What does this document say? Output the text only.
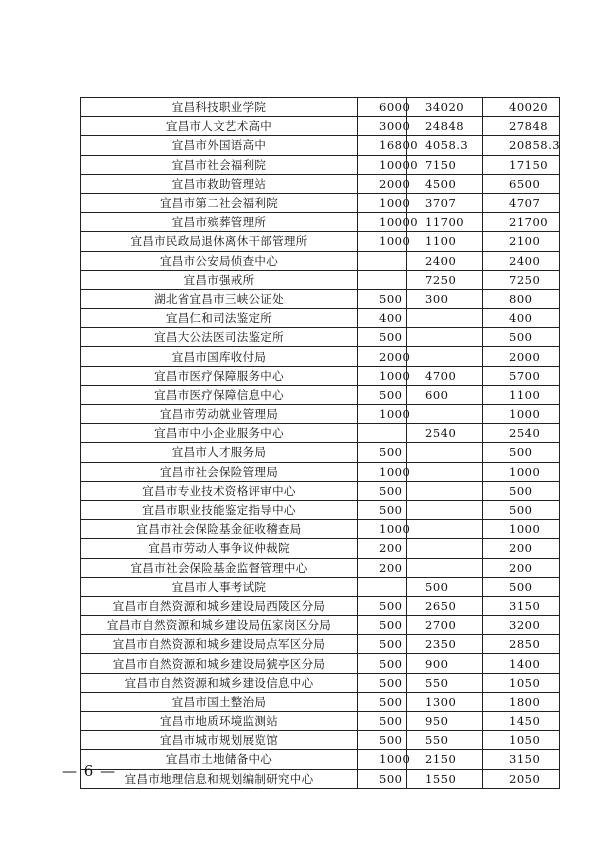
宜昌科技职业学院	6000	34020	40020
宜昌市人文艺术高中	3000	24848	27848
宜昌市外国语高中	16800	4058.3	20858.3
宜昌市社会福利院	10000	7150	17150
宜昌市救助管理站	2000	4500	6500
宜昌市第二社会福利院	1000	3707	4707
宜昌市殡葬管理所	10000	11700	21700
宜昌市民政局退休离休干部管理所	1000	1100	2100
宜昌市公安局侦查中心		2400	2400
宜昌市强戒所		7250	7250
湖北省宜昌市三峡公证处	500	300	800
宜昌仁和司法鉴定所	400		400
宜昌大公法医司法鉴定所	500		500
宜昌市国库收付局	2000		2000
宜昌市医疗保障服务中心	1000	4700	5700
宜昌市医疗保障信息中心	500	600	1100
宜昌市劳动就业管理局	1000		1000
宜昌市中小企业服务中心		2540	2540
宜昌市人才服务局	500		500
宜昌市社会保险管理局	1000		1000
宜昌市专业技术资格评审中心	500		500
宜昌市职业技能鉴定指导中心	500		500
宜昌市社会保险基金征收稽查局	1000		1000
宜昌市劳动人事争议仲裁院	200		200
宜昌市社会保险基金监督管理中心	200		200
宜昌市人事考试院		500	500
宜昌市自然资源和城乡建设局西陵区分局	500	2650	3150
宜昌市自然资源和城乡建设局伍家岗区分局	500	2700	3200
宜昌市自然资源和城乡建设局点军区分局	500	2350	2850
宜昌市自然资源和城乡建设局猇亭区分局	500	900	1400
宜昌市自然资源和城乡建设信息中心	500	550	1050
宜昌市国土整治局	500	1300	1800
宜昌市地质环境监测站	500	950	1450
宜昌市城市规划展览馆	500	550	1050
宜昌市土地储备中心	1000	2150	3150
宜昌市地理信息和规划编制研究中心	500	1550	2050
— 6 —
